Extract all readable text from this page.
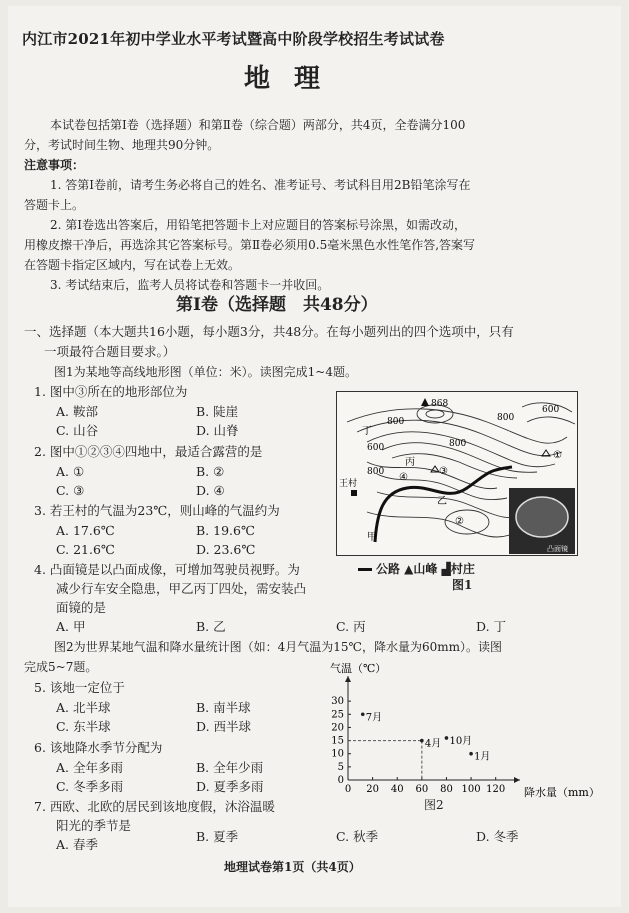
内江市2021年初中学业水平考试暨高中阶段学校招生考试试卷
地理
本试卷包括第Ⅰ卷（选择题）和第Ⅱ卷（综合题）两部分，共4页，全卷满分100
分，考试时间生物、地理共90分钟。
注意事项：
1. 答第Ⅰ卷前，请考生务必将自己的姓名、准考证号、考试科目用2B铅笔涂写在
答题卡上。
2. 第Ⅰ卷选出答案后，用铅笔把答题卡上对应题目的答案标号涂黑，如需改动，
用橡皮擦干净后，再选涂其它答案标号。第Ⅱ卷必须用0.5毫米黑色水性笔作答,答案写
在答题卡指定区域内，写在试卷上无效。
3. 考试结束后，监考人员将试卷和答题卡一并收回。
第Ⅰ卷（选择题　共48分）
一、选择题（本大题共16小题，每小题3分，共48分。在每小题列出的四个选项中，只有
一项最符合题目要求。）
图1为某地等高线地形图（单位：米）。读图完成1~4题。
1. 图中③所在的地形部位为
A. 鞍部	B. 陡崖
C. 山谷	D. 山脊
2. 图中①②③④四地中，最适合露营的是
A. ①	B. ②
C. ③	D. ④
3. 若王村的气温为23℃，则山峰的气温约为
A. 17.6℃	B. 19.6℃
C. 21.6℃	D. 23.6℃
4. 凸面镜是以凸面成像，可增加驾驶员视野。为
减少行车安全隐患，甲乙丙丁四处，需安装凸
面镜的是
A. 甲	B. 乙	C. 丙	D. 丁
图2为世界某地气温和降水量统计图（如：4月气温为15℃，降水量为60mm）。读图
完成5~7题。
5. 该地一定位于
A. 北半球	B. 南半球
C. 东半球	D. 西半球
6. 该地降水季节分配为
A. 全年多雨	B. 全年少雨
C. 冬季多雨	D. 夏季多雨
7. 西欧、北欧的居民到该地度假，沐浴温暖
阳光的季节是
A. 春季
B. 夏季	C. 秋季	D. 冬季
868
800
800
600
800
600
800
丁
丙
乙
甲
王村
①
②
③
④
凸面镜
公路 ▲山峰 ▟村庄
图1
0 20 40 60 80 100 120
0
5
10
15
20
25
30
气温（℃）
降水量（mm）
7月
4月 10月
1月
图2
地理试卷第1页（共4页）
